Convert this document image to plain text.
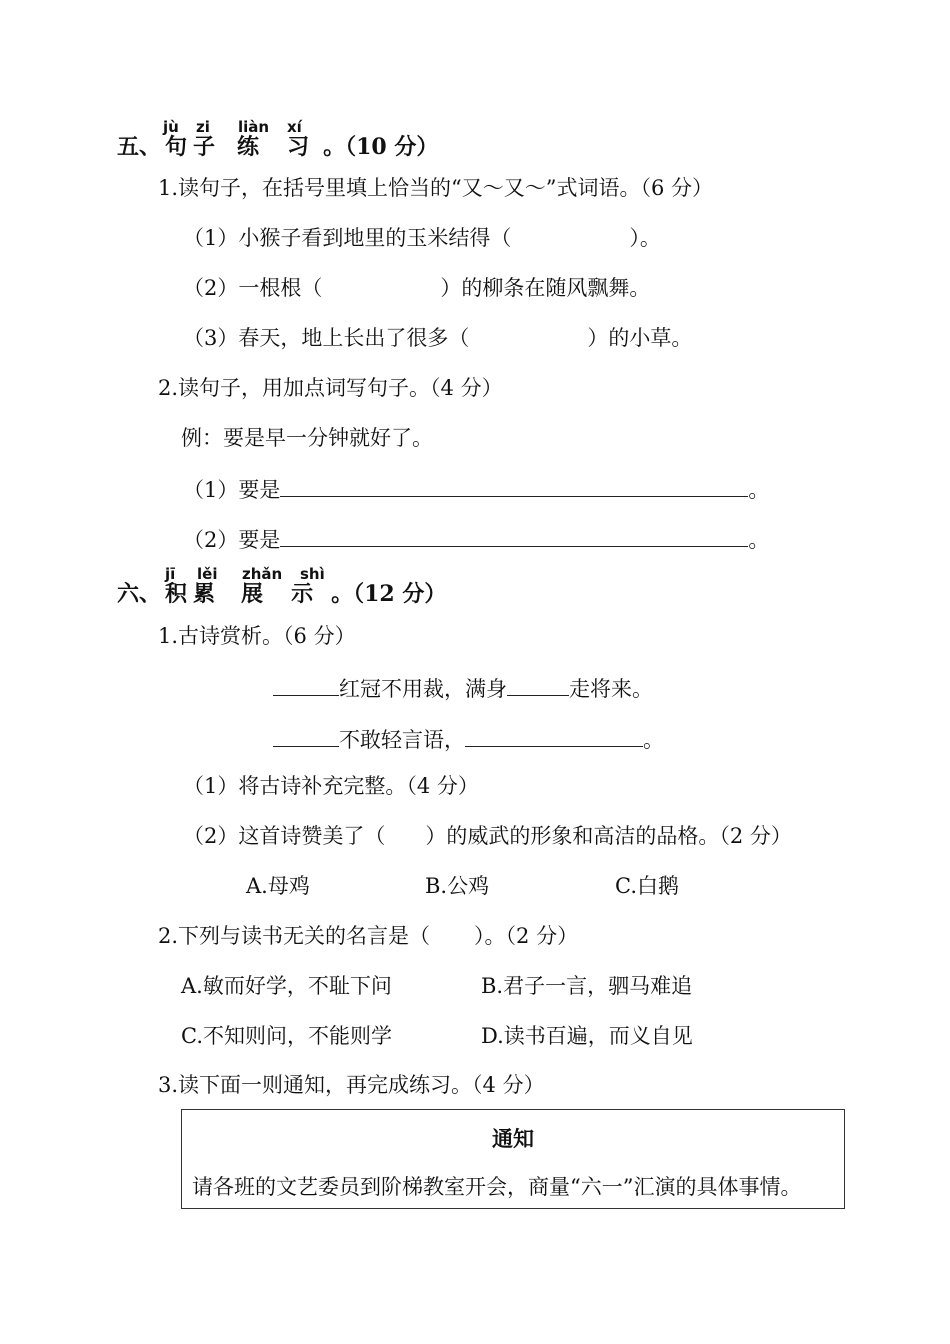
jù zi liàn xí
五、 句 子 练 习 。（10 分）
1.读句子，在括号里填上恰当的“又～又～”式词语。（6 分）
（1）小猴子看到地里的玉米结得（	）。
（2）一根根（	）的柳条在随风飘舞。
（3）春天，地上长出了很多（	）的小草。
2.读句子，用加点词写句子。（4 分）
例：要是早一分钟就好了。
（1）要是	。
（2）要是	。
jī lěi zhǎn shì
六、 积 累 展 示 。（12 分）
1.古诗赏析。（6 分）
红冠不用裁，满身	走将来。
不敢轻言语，	。
（1）将古诗补充完整。（4 分）
（2）这首诗赞美了（ ）的威武的形象和高洁的品格。（2 分）
A.母鸡	B.公鸡	C.白鹅
2.下列与读书无关的名言是（ ）。（2 分）
A.敏而好学，不耻下问	B.君子一言，驷马难追
C.不知则问，不能则学	D.读书百遍，而义自见
3.读下面一则通知，再完成练习。（4 分）
通知
请各班的文艺委员到阶梯教室开会，商量“六一”汇演的具体事情。
